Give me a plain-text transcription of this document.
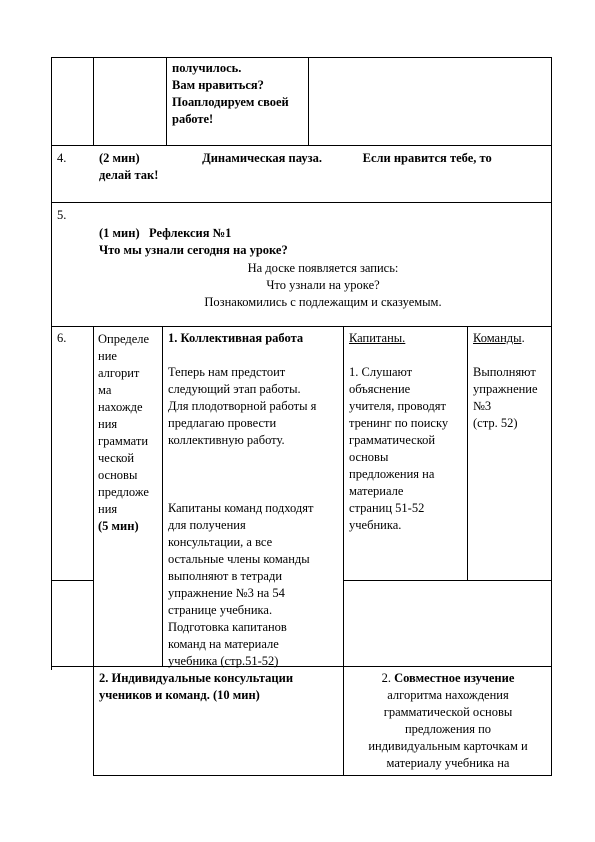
получилось.
Вам нравиться?
Поаплодируем своей
работе!
4.	(2 мин)                    Динамическая пауза.             Если нравится тебе, то
делай так!
5.
(1 мин)   Рефлексия №1
Что мы узнали сегодня на уроке?
На доске появляется запись:
Что узнали на уроке?
Познакомились с подлежащим и сказуемым.
6.	Определе
ние
алгорит
ма
нахожде
ния
граммати
ческой
основы
предложе
ния
(5 мин)
1. Коллективная работа
Теперь нам предстоит
следующий этап работы.
Для плодотворной работы я
предлагаю провести
коллективную работу.
Капитаны команд подходят
для получения
консультации, а все
остальные члены команды
выполняют в тетради
упражнение №3 на 54
странице учебника.
Подготовка капитанов
команд на материале
учебника (стр.51-52)
Капитаны.
1. Слушают
объяснение
учителя, проводят
тренинг по поиску
грамматической
основы
предложения на
материале
страниц 51-52
учебника.
Команды.
Выполняют
упражнение
№3
(стр. 52)
2. Индивидуальные консультации
учеников и команд. (10 мин)
2. Совместное изучение
алгоритма нахождения
грамматической основы
предложения по
индивидуальным карточкам и
материалу учебника на
